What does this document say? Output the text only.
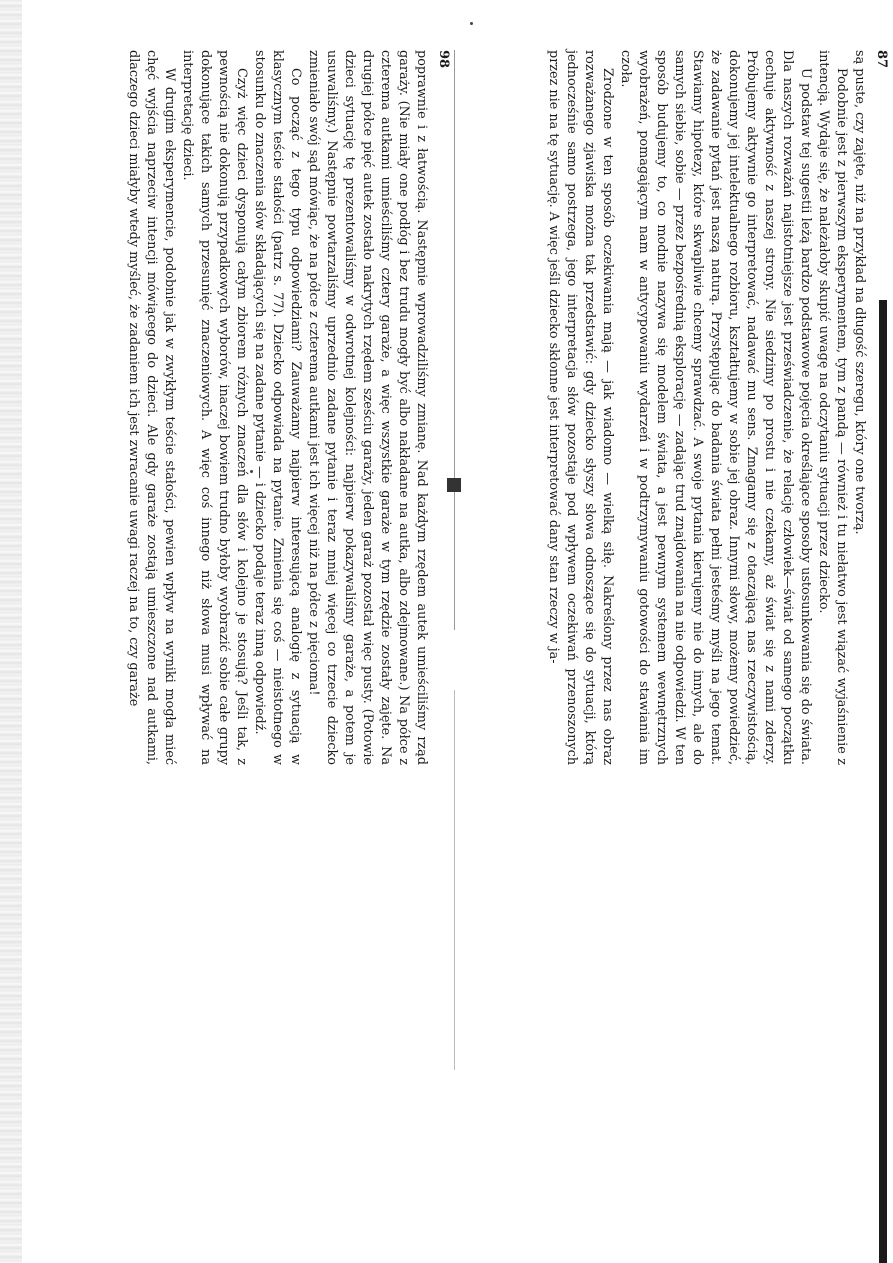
98

poprawnie i z łatwością. Następnie wprowadziliśmy zmianę. Nad każdym rzędem autek umieściliśmy rząd garaży. (Nie miały one podłóg i bez trudu mogły być albo nakładane na autka, albo zdejmowane.) Na półce z czterema autkami umieściliśmy cztery garaże, a więc wszystkie garaże w tym rzędzie zostały zajęte. Na drugiej półce pięć autek zostało nakrytych rzędem sześciu garaży, jeden garaż pozostał więc pusty. (Potowie dzieci sytuację tę prezentowaliśmy w odwrotnej kolejności: najpierw pokazywaliśmy garaże, a potem je usuwaliśmy.) Następnie powtarzaliśmy uprzednio zadane pytanie i teraz mniej więcej co trzecie dziecko zmieniało swój sąd mówiąc, że na półce z czterema autkami jest ich więcej niż na półce z pięcioma!

Co począć z tego typu odpowiedziami? Zauważamy najpierw interesującą analogię z sytuacją w klasycznym teście stałości (patrz s. 77). Dziecko odpowiada na pytanie. Zmienia się coś — nieistotnego w stosunku do znaczenia słów składających się na zadane pytanie — i dziecko podaje teraz inną odpowiedź.

Czyż więc dzieci dysponują całym zbiorem różnych znaczeń dla słów i kolejno je stosują? Jeśli tak, z pewnością nie dokonują przypadkowych wyborów, inaczej bowiem trudno byłoby wyobrazić sobie całe grupy dokonujące takich samych przesunięć znaczeniowych. A więc coś innego niż słowa musi wpływać na interpretację dzieci.

W drugim eksperymencie, podobnie jak w zwykłym teście stałości, pewien wpływ na wyniki mogła mieć chęć wyjścia naprzeciw intencji mówiącego do dzieci. Ale gdy garaże zostają umieszczone nad autkami, dlaczego dzieci miałyby wtedy myśleć, że zadaniem ich jest zwracanie uwagi raczej na to, czy garaże	87

są puste, czy zajęte, niż na przykład na długość szeregu, który one tworzą.

Podobnie jest z pierwszym eksperymentem, tym z pandą — również i tu niełatwo jest wiązać wyjaśnienie z intencją. Wydaje się, że należałoby skupić uwagę na odczytaniu sytuacji przez dziecko.

U podstaw tej sugestii leżą bardzo podstawowe pojęcia określające sposoby ustosunkowania się do świata. Dla naszych rozważań najistotniejsze jest przeświadczenie, że relację człowiek—świat od samego początku cechuje aktywność z naszej strony. Nie siedzimy po prostu i nie czekamy, aż świat się z nami zderzy. Próbujemy aktywnie go interpretować, nadawać mu sens. Zmagamy się z otaczającą nas rzeczywistością, dokonujemy jej intelektualnego rozbioru, kształtujemy w sobie jej obraz. Innymi słowy, możemy powiedzieć, że zadawanie pytań jest naszą naturą. Przystępując do badania świata pełni jesteśmy myśli na jego temat. Stawiamy hipotezy, które skwapliwie chcemy sprawdzać. A swoje pytania kierujemy nie do innych, ale do samych siebie, sobie — przez bezpośrednią eksplorację — zadając trud znajdowania na nie odpowiedzi. W ten sposób budujemy to, co modnie nazywa się modelem świata, a jest pewnym systemem wewnętrznych wyobrażeń, pomagającym nam w antycypowaniu wydarzeń i w podtrzymywaniu gotowości do stawiania im czoła.

Zrodzone w ten sposób oczekiwania mają — jak wiadomo — wielką siłę. Nakreślony przez nas obraz rozważanego zjawiska można tak przedstawić: gdy dziecko słyszy słowa odnoszące się do sytuacji, którą jednocześnie samo postrzega, jego interpretacja słów pozostaje pod wpływem oczekiwań przenoszonych przez nie na tę sytuację. A więc jeśli dziecko skłonne jest interpretować dany stan rzeczy w ja-
